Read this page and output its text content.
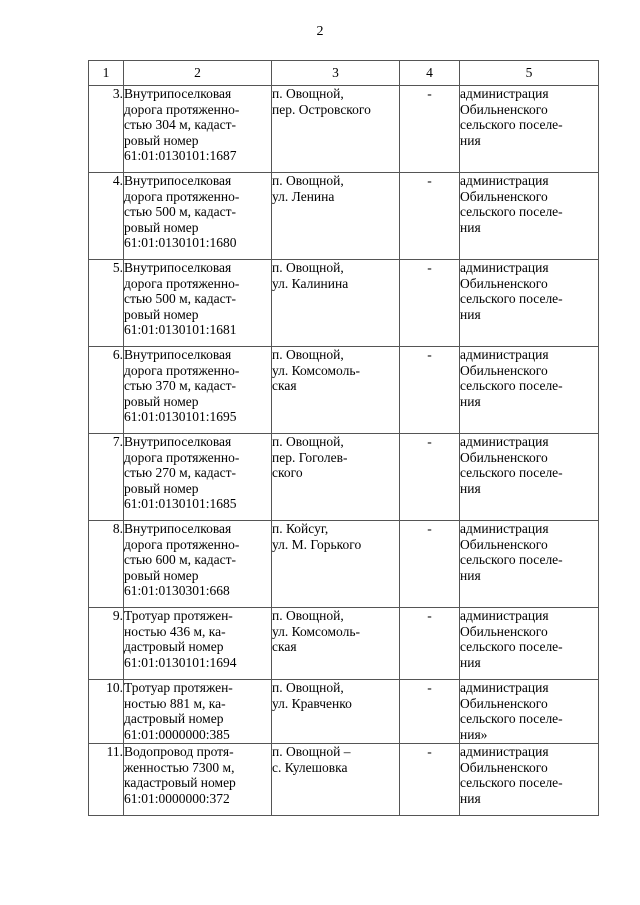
2
1	2	3	4	5
3.	Внутрипоселковая
дорога протяженно-
стью 304 м, кадаст-
ровый номер
61:01:0130101:1687	п. Овощной,
пер. Островского	-	администрация
Обильненского
сельского поселе-
ния

4.	Внутрипоселковая
дорога протяженно-
стью 500 м, кадаст-
ровый номер
61:01:0130101:1680	п. Овощной,
ул. Ленина	-	администрация
Обильненского
сельского поселе-
ния

5.	Внутрипоселковая
дорога протяженно-
стью 500 м, кадаст-
ровый номер
61:01:0130101:1681	п. Овощной,
ул. Калинина	-	администрация
Обильненского
сельского поселе-
ния

6.	Внутрипоселковая
дорога протяженно-
стью 370 м, кадаст-
ровый номер
61:01:0130101:1695	п. Овощной,
ул. Комсомоль-
ская	-	администрация
Обильненского
сельского поселе-
ния

7.	Внутрипоселковая
дорога протяженно-
стью 270 м, кадаст-
ровый номер
61:01:0130101:1685	п. Овощной,
пер. Гоголев-
ского	-	администрация
Обильненского
сельского поселе-
ния

8.	Внутрипоселковая
дорога протяженно-
стью 600 м, кадаст-
ровый номер
61:01:0130301:668	п. Койсуг,
ул. М. Горького	-	администрация
Обильненского
сельского поселе-
ния

9.	Тротуар протяжен-
ностью 436 м, ка-
дастровый номер
61:01:0130101:1694	п. Овощной,
ул. Комсомоль-
ская	-	администрация
Обильненского
сельского поселе-
ния

10.	Тротуар протяжен-
ностью 881 м, ка-
дастровый номер
61:01:0000000:385	п. Овощной,
ул. Кравченко	-	администрация
Обильненского
сельского поселе-
ния»

11.	Водопровод протя-
женностью 7300 м,
кадастровый номер
61:01:0000000:372	п. Овощной –
с. Кулешовка	-	администрация
Обильненского
сельского поселе-
ния
